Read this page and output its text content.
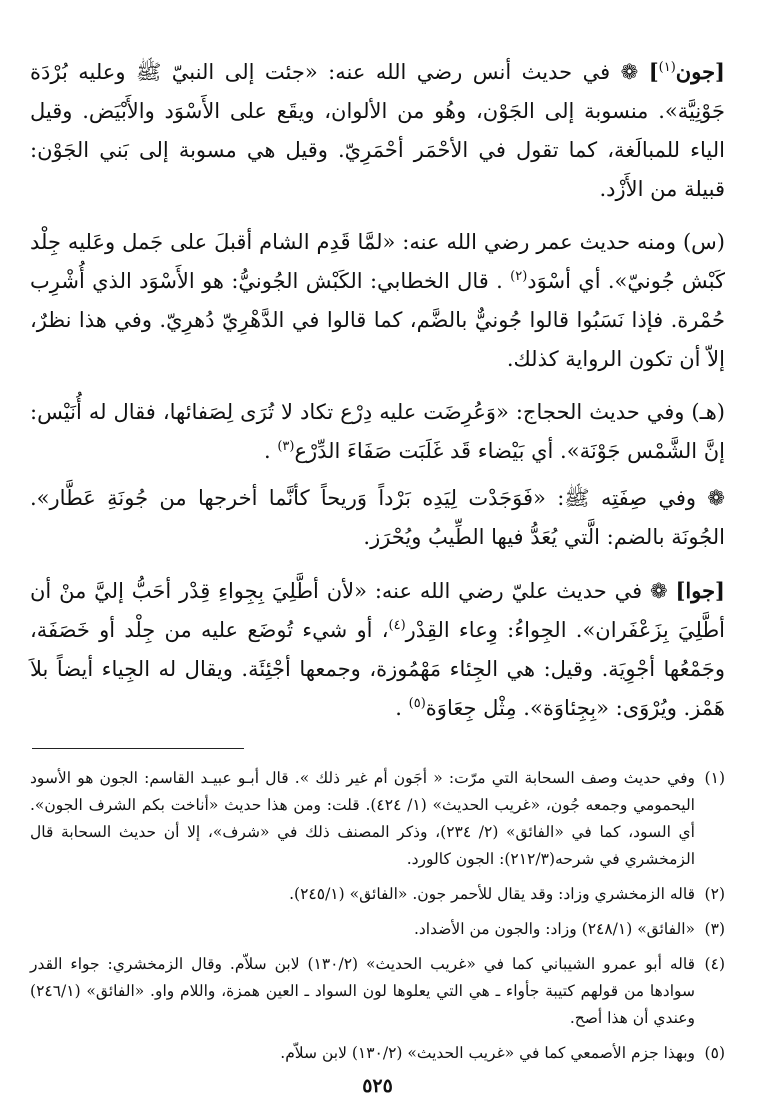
[جون$^{(١)}$] ❁ في حديث أنس رضي الله عنه: «جئت إلى النبيّ ﷺ وعليه بُرْدَة جَوْنِيَّة». منسوبة إلى الجَوْن، وهُو من الألوان، ويقَع على الأَسْوَد والأَبْيَض. وقيل الياء للمبالَغة، كما تقول في الأحْمَر أحْمَرِيّ. وقيل هي مسوبة إلى بَني الجَوْن: قبيلة من الأَزْد.

(س) ومنه حديث عمر رضي الله عنه: «لمَّا قَدِم الشام أقبلَ على جَمل وعَليه جِلْد كَبْش جُونيّ». أي أسْوَد$^{(٢)}$ . قال الخطابي: الكَبْش الجُونيُّ: هو الأَسْوَد الذي أُشْرِب حُمْرة. فإذا نَسَبُوا قالوا جُونيٌّ بالضَّم، كما قالوا في الدَّهْرِيّ دُهرِيّ. وفي هذا نظرٌ، إلاّ أن تكون الرواية كذلك.

(هـ) وفي حديث الحجاج: «وَعُرِضَت عليه دِرْع تكاد لا تُرَى لِصَفائها، فقال له أُنَيْس: إنَّ الشَّمْس جَوْنَة». أي بَيْضاء قَد غَلَبَت صَفَاءَ الدِّرْع$^{(٣)}$ .

❁ وفي صِفَتِه ﷺ: «فَوَجَدْت لِيَدِه بَرْداً وَريحاً كأنَّما أخرجها من جُونَةِ عَطَّار». الجُونَة بالضم: الَّتي يُعَدُّ فيها الطِّيبُ ويُحْرَز.

[جوا] ❁ في حديث عليّ رضي الله عنه: «لأن أطَّلِيَ بِجِواءِ قِدْر أحَبُّ إليَّ منْ أن أطَّلِيَ بِزَعْفَران». الجِواءُ: وِعاء القِدْر$^{(٤)}$، أو شيء تُوضَع عليه من جِلْد أو خَصَفَة، وجَمْعُها أجْوِيَة. وقيل: هي الجِئاء مَهْمُوزة، وجمعها أجْئِئَة. ويقال له الجِياء أيضاً بلاَ هَمْز. ويُرْوَى: «بِجِئاوَة». مِثْل جِعَاوَة$^{(٥)}$ .

(١)
وفي حديث وصف السحابة التي مرّت: « أجَون أم غير ذلك ». قال أبـو عبيـد القاسم: الجون هو الأسود اليحمومي وجمعه جُون، «غريب الحديث» (١/ ٤٢٤). قلت: ومن هذا حديث «أناخت بكم الشرف الجون». أي السود، كما في «الفائق» (٢/ ٢٣٤)، وذكر المصنف ذلك في «شرف»، إلا أن حديث السحابة قال الزمخشري في شرحه(٢١٢/٣): الجون كالورد.
(٢)
قاله الزمخشري وزاد: وقد يقال للأحمر جون. «الفائق» (٢٤٥/١).
(٣)
«الفائق» (٢٤٨/١) وزاد: والجون من الأضداد.
(٤)
قاله أبو عمرو الشيباني كما في «غريب الحديث» (١٣٠/٢) لابن سلاّم. وقال الزمخشري: جواء القدر سوادها من قولهم كتيبة جأواء ـ هي التي يعلوها لون السواد ـ العين همزة، واللام واو. «الفائق» (٢٤٦/١) وعندي أن هذا أصح.
(٥)
وبهذا جزم الأصمعي كما في «غريب الحديث» (١٣٠/٢) لابن سلاّم.
٥٢٥
